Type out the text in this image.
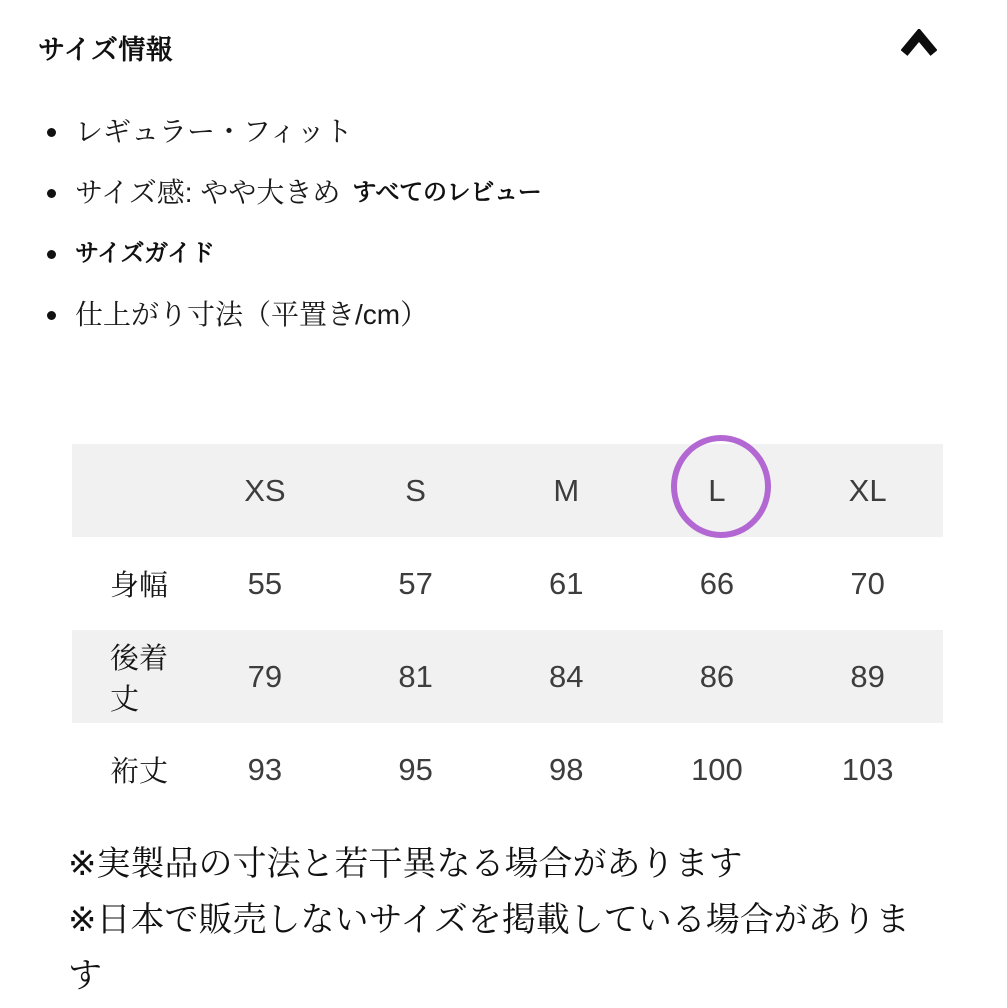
サイズ情報
レギュラー・フィット
サイズ感: やや大きめ すべてのレビュー
サイズガイド
仕上がり寸法（平置き/cm）
	XS	S	M	L	XL
身幅	55	57	61	66	70
後着丈	79	81	84	86	89
裄丈	93	95	98	100	103

※実製品の寸法と若干異なる場合があります

※日本で販売しないサイズを掲載している場合があります
